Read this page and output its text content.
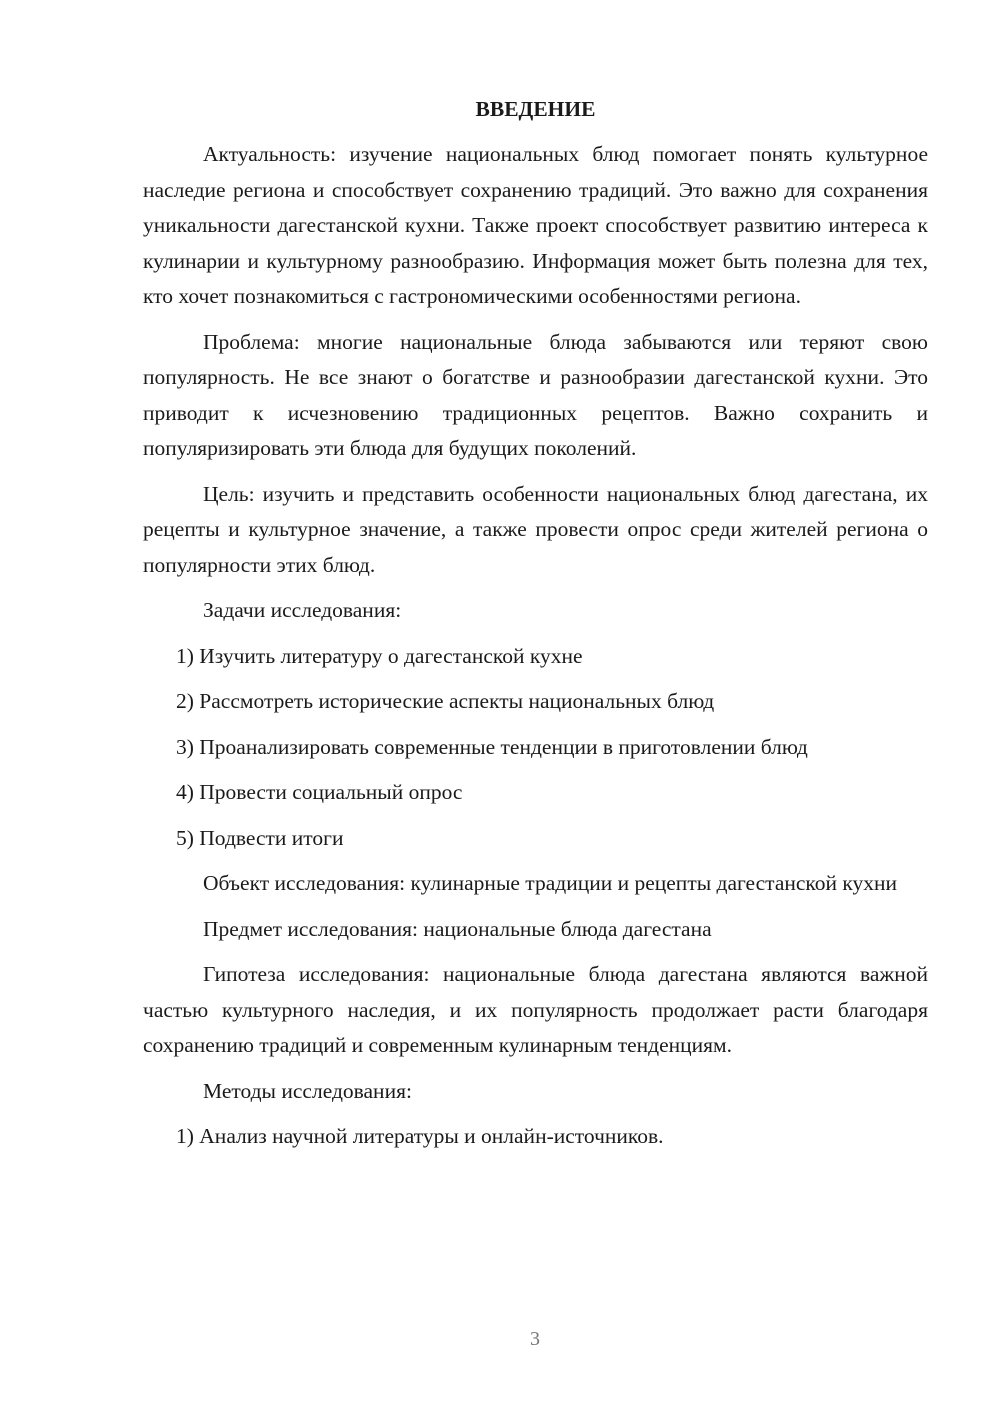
ВВЕДЕНИЕ
Актуальность: изучение национальных блюд помогает понять культурное наследие региона и способствует сохранению традиций. Это важно для сохранения уникальности дагестанской кухни. Также проект способствует развитию интереса к кулинарии и культурному разнообразию. Информация может быть полезна для тех, кто хочет познакомиться с гастрономическими особенностями региона.
Проблема: многие национальные блюда забываются или теряют свою популярность. Не все знают о богатстве и разнообразии дагестанской кухни. Это приводит к исчезновению традиционных рецептов. Важно сохранить и популяризировать эти блюда для будущих поколений.
Цель: изучить и представить особенности национальных блюд дагестана, их рецепты и культурное значение, а также провести опрос среди жителей региона о популярности этих блюд.
Задачи исследования:
1) Изучить литературу о дагестанской кухне
2) Рассмотреть исторические аспекты национальных блюд
3) Проанализировать современные тенденции в приготовлении блюд
4) Провести социальный опрос
5) Подвести итоги
Объект исследования: кулинарные традиции и рецепты дагестанской кухни
Предмет исследования: национальные блюда дагестана
Гипотеза исследования: национальные блюда дагестана являются важной частью культурного наследия, и их популярность продолжает расти благодаря сохранению традиций и современным кулинарным тенденциям.
Методы исследования:
1) Анализ научной литературы и онлайн-источников.
3
